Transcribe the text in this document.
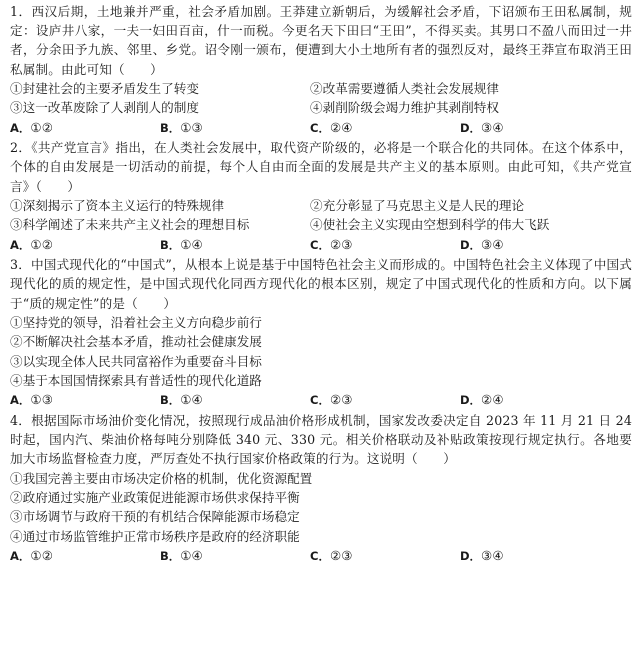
1．西汉后期，土地兼并严重，社会矛盾加剧。王莽建立新朝后，为缓解社会矛盾，下诏颁布王田私属制，规定：设庐井八家，一夫一妇田百亩，什一而税。今更名天下田曰“王田”，不得买卖。其男口不盈八而田过一井者，分余田予九族、邻里、乡党。诏令刚一颁布，便遭到大小土地所有者的强烈反对，最终王莽宣布取消王田私属制。由此可知（　　）

①封建社会的主要矛盾发生了转变	②改革需要遵循人类社会发展规律
③这一改革废除了人剥削人的制度	④剥削阶级会竭力维护其剥削特权
A．①②	B．①③	C．②④	D．③④

2．《共产党宣言》指出，在人类社会发展中，取代资产阶级的，必将是一个联合化的共同体。在这个体系中，个体的自由发展是一切活动的前提，每个人自由而全面的发展是共产主义的基本原则。由此可知，《共产党宣言》（　　）

①深刻揭示了资本主义运行的特殊规律	②充分彰显了马克思主义是人民的理论
③科学阐述了未来共产主义社会的理想目标	④使社会主义实现由空想到科学的伟大飞跃
A．①②	B．①④	C．②③	D．③④

3．中国式现代化的“中国式”，从根本上说是基于中国特色社会主义而形成的。中国特色社会主义体现了中国式现代化的质的规定性，是中国式现代化同西方现代化的根本区别，规定了中国式现代化的性质和方向。以下属于“质的规定性”的是（　　）

①坚持党的领导，沿着社会主义方向稳步前行
②不断解决社会基本矛盾，推动社会健康发展
③以实现全体人民共同富裕作为重要奋斗目标
④基于本国国情探索具有普适性的现代化道路
A．①③	B．①④	C．②③	D．②④

4．根据国际市场油价变化情况，按照现行成品油价格形成机制，国家发改委决定自 2023 年 11 月 21 日 24 时起，国内汽、柴油价格每吨分别降低 340 元、330 元。相关价格联动及补贴政策按现行规定执行。各地要加大市场监督检查力度，严厉查处不执行国家价格政策的行为。这说明（　　）

①我国完善主要由市场决定价格的机制，优化资源配置
②政府通过实施产业政策促进能源市场供求保持平衡
③市场调节与政府干预的有机结合保障能源市场稳定
④通过市场监管维护正常市场秩序是政府的经济职能
A．①②	B．①④	C．②③	D．③④
